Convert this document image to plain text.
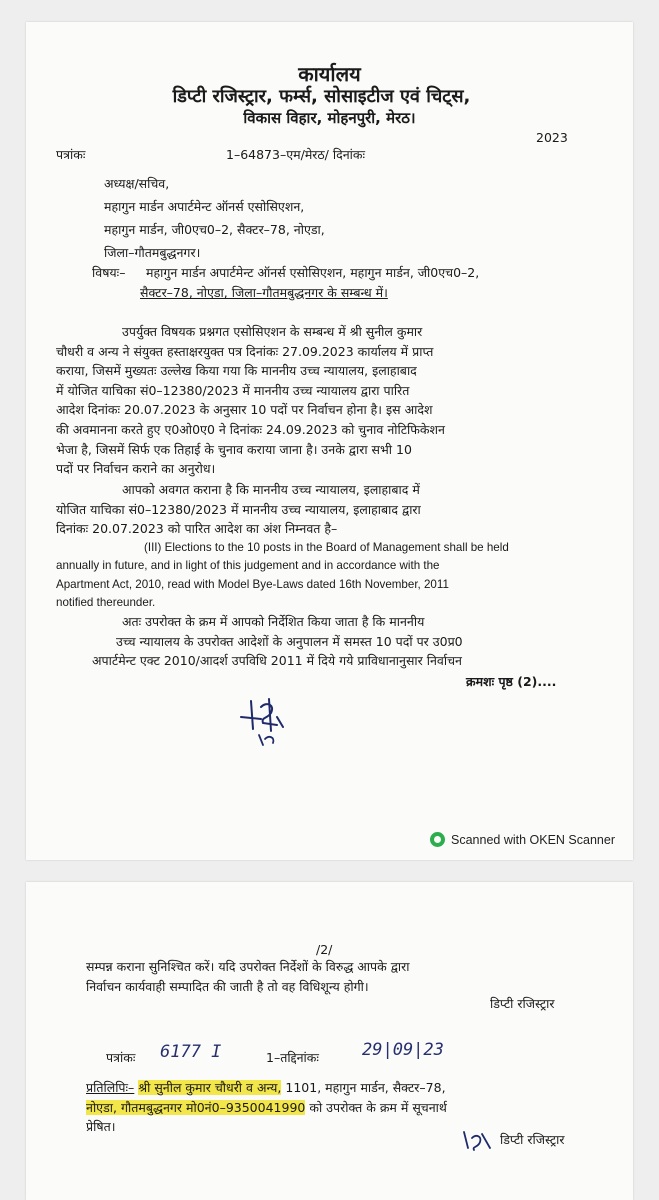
कार्यालय
डिप्टी रजिस्ट्रार, फर्म्स, सोसाइटीज एवं चिट्स,
विकास विहार, मोहनपुरी, मेरठ।
पत्रांकः	1–64873–एम/मेरठ/ दिनांकः
2023
अध्यक्ष/सचिव,
महागुन मार्डन अपार्टमेन्ट ऑनर्स एसोसिएशन,
महागुन मार्डन, जी0एच0–2, सैक्टर–78, नोएडा,
जिला–गौतमबुद्धनगर।
विषयः– महागुन मार्डन अपार्टमेन्ट ऑनर्स एसोसिएशन, महागुन मार्डन, जी0एच0–2,
सैक्टर–78, नोएडा, जिला–गौतमबुद्धनगर के सम्बन्ध में।
उपर्युक्त विषयक प्रश्नगत एसोसिएशन के सम्बन्ध में श्री सुनील कुमार
चौधरी व अन्य ने संयुक्त हस्ताक्षरयुक्त पत्र दिनांकः 27.09.2023 कार्यालय में प्राप्त
कराया, जिसमें मुख्यतः उल्लेख किया गया कि माननीय उच्च न्यायालय, इलाहाबाद
में योजित याचिका सं0–12380/2023 में माननीय उच्च न्यायालय द्वारा पारित
आदेश दिनांकः 20.07.2023 के अनुसार 10 पदों पर निर्वाचन होना है। इस आदेश
की अवमानना करते हुए ए0ओ0ए0 ने दिनांकः 24.09.2023 को चुनाव नोटिफिकेशन
भेजा है, जिसमें सिर्फ एक तिहाई के चुनाव कराया जाना है। उनके द्वारा सभी 10
पदों पर निर्वाचन कराने का अनुरोध।
आपको अवगत कराना है कि माननीय उच्च न्यायालय, इलाहाबाद में
योजित याचिका सं0–12380/2023 में माननीय उच्च न्यायालय, इलाहाबाद द्वारा
दिनांकः 20.07.2023 को पारित आदेश का अंश निम्नवत है–
(III) Elections to the 10 posts in the Board of Management shall be held
annually in future, and in light of this judgement and in accordance with the
Apartment Act, 2010, read with Model Bye-Laws dated 16th November, 2011
notified thereunder.
अतः उपरोक्त के क्रम में आपको निर्देशित किया जाता है कि माननीय
उच्च न्यायालय के उपरोक्त आदेशों के अनुपालन में समस्त 10 पदों पर उ0प्र0
अपार्टमेन्ट एक्ट 2010/आदर्श उपविधि 2011 में दिये गये प्राविधानानुसार निर्वाचन
क्रमशः पृष्ठ (2)....
Scanned with OKEN Scanner
/2/
सम्पन्न कराना सुनिश्चित करें। यदि उपरोक्त निर्देशों के विरुद्ध आपके द्वारा
निर्वाचन कार्यवाही सम्पादित की जाती है तो वह विधिशून्य होगी।
डिप्टी रजिस्ट्रार
पत्रांकः 6177 I	1–तद्दिनांकः	29|09|23
प्रतिलिपिः– श्री सुनील कुमार चौधरी व अन्य, 1101, महागुन मार्डन, सैक्टर–78,
नोएडा, गौतमबुद्धनगर मो0नं0–9350041990 को उपरोक्त के क्रम में सूचनार्थ
प्रेषित।
डिप्टी रजिस्ट्रार
